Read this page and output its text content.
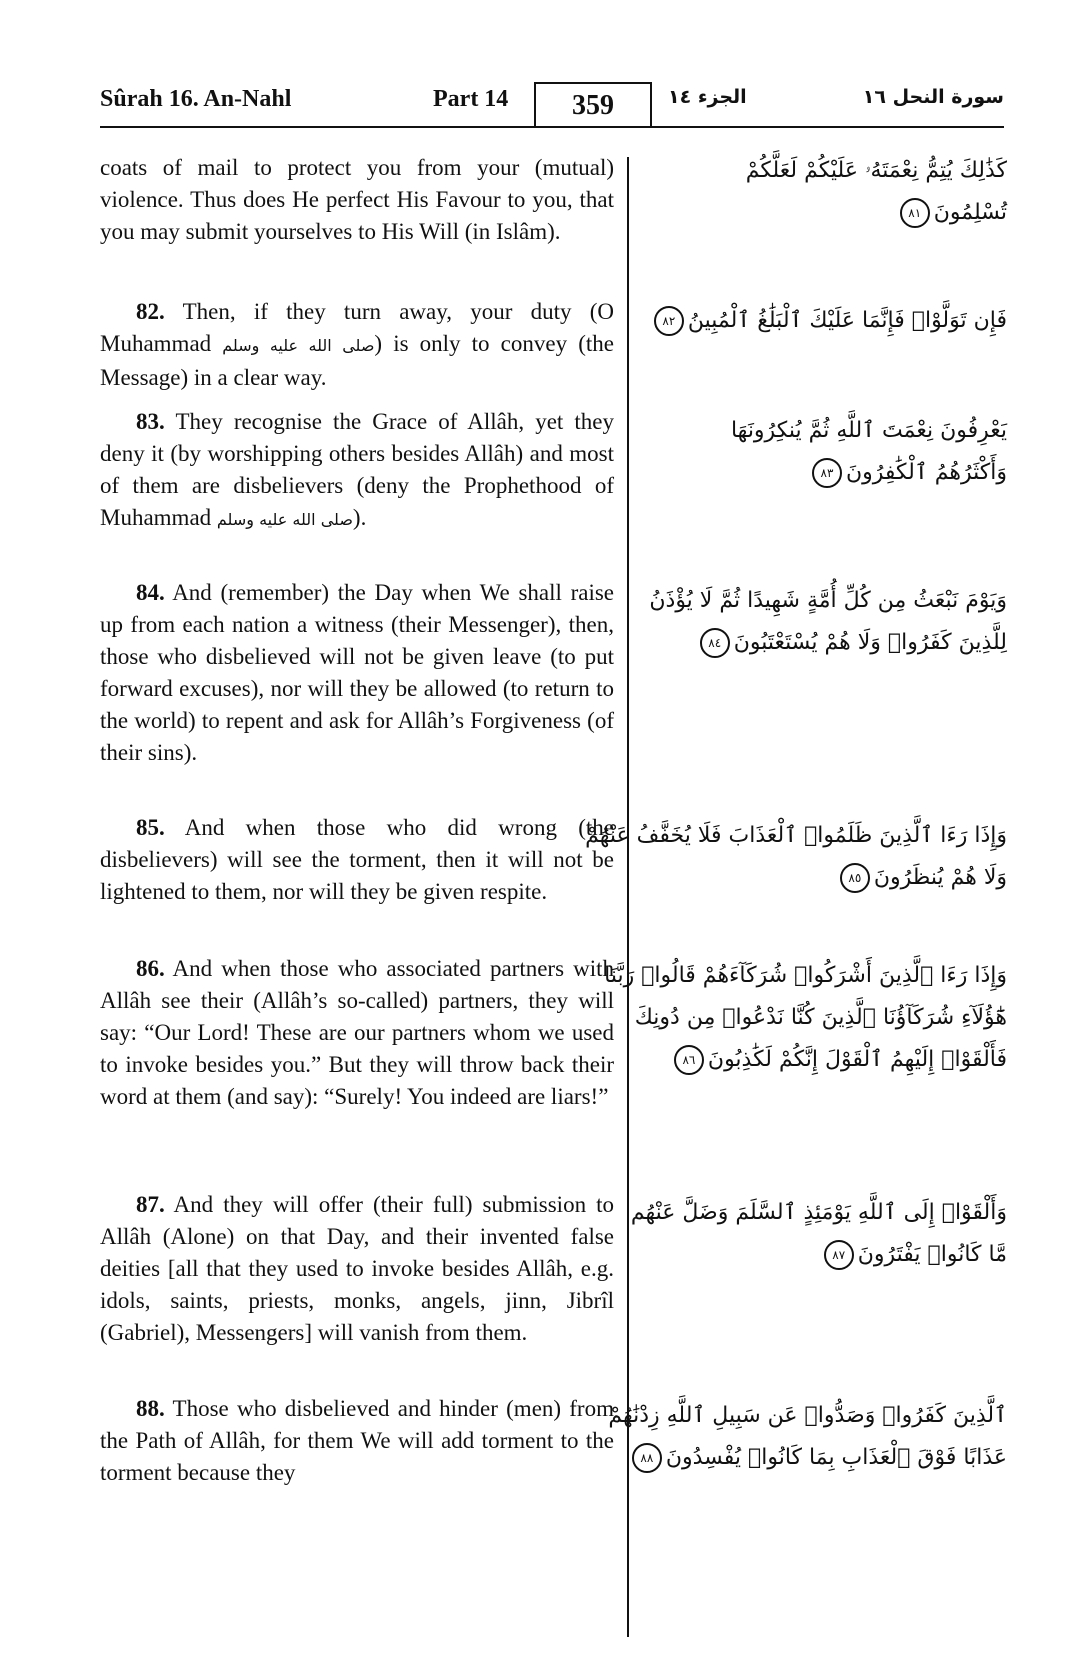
Sûrah 16. An-Nahl	Part 14	359	الجزء ١٤	سورة النحل ١٦
coats of mail to protect you from your (mutual) violence. Thus does He perfect His Favour to you, that you may submit yourselves to His Will (in Islâm).
كَذَٰلِكَ يُتِمُّ نِعْمَتَهُۥ عَلَيْكُمْ لَعَلَّكُمْ
تُسْلِمُونَ٨١
82. Then, if they turn away, your duty (O Muhammad صلى الله عليه وسلم) is only to convey (the Message) in a clear way.
فَإِن تَوَلَّوْا۟ فَإِنَّمَا عَلَيْكَ ٱلْبَلَٰغُ ٱلْمُبِينُ٨٢
83. They recognise the Grace of Allâh, yet they deny it (by worshipping others besides Allâh) and most of them are disbelievers (deny the Prophethood of Muhammad صلى الله عليه وسلم).
يَعْرِفُونَ نِعْمَتَ ٱللَّهِ ثُمَّ يُنكِرُونَهَا
وَأَكْثَرُهُمُ ٱلْكَٰفِرُونَ٨٣
84. And (remember) the Day when We shall raise up from each nation a witness (their Messenger), then, those who disbelieved will not be given leave (to put forward excuses), nor will they be allowed (to return to the world) to repent and ask for Allâh’s Forgiveness (of their sins).
وَيَوْمَ نَبْعَثُ مِن كُلِّ أُمَّةٍ شَهِيدًا ثُمَّ لَا يُؤْذَنُ
لِلَّذِينَ كَفَرُوا۟ وَلَا هُمْ يُسْتَعْتَبُونَ٨٤
85. And when those who did wrong (the disbelievers) will see the torment, then it will not be lightened to them, nor will they be given respite.
وَإِذَا رَءَا ٱلَّذِينَ ظَلَمُوا۟ ٱلْعَذَابَ فَلَا يُخَفَّفُ عَنْهُمْ
وَلَا هُمْ يُنظَرُونَ٨٥
86. And when those who associated partners with Allâh see their (Allâh’s so-called) partners, they will say: “Our Lord! These are our partners whom we used to invoke besides you.” But they will throw back their word at them (and say): “Surely! You indeed are liars!”
وَإِذَا رَءَا ٱلَّذِينَ أَشْرَكُوا۟ شُرَكَآءَهُمْ قَالُوا۟ رَبَّنَا
هَٰٓؤُلَآءِ شُرَكَآؤُنَا ٱلَّذِينَ كُنَّا نَدْعُوا۟ مِن دُونِكَ
فَأَلْقَوْا۟ إِلَيْهِمُ ٱلْقَوْلَ إِنَّكُمْ لَكَٰذِبُونَ٨٦
87. And they will offer (their full) submission to Allâh (Alone) on that Day, and their invented false deities [all that they used to invoke besides Allâh, e.g. idols, saints, priests, monks, angels, jinn, Jibrîl (Gabriel), Messengers] will vanish from them.
وَأَلْقَوْا۟ إِلَى ٱللَّهِ يَوْمَئِذٍ ٱلسَّلَمَ وَضَلَّ عَنْهُم
مَّا كَانُوا۟ يَفْتَرُونَ٨٧
88. Those who disbelieved and hinder (men) from the Path of Allâh, for them We will add torment to the torment because they
ٱلَّذِينَ كَفَرُوا۟ وَصَدُّوا۟ عَن سَبِيلِ ٱللَّهِ زِدْنَٰهُمْ
عَذَابًا فَوْقَ ٱلْعَذَابِ بِمَا كَانُوا۟ يُفْسِدُونَ٨٨
